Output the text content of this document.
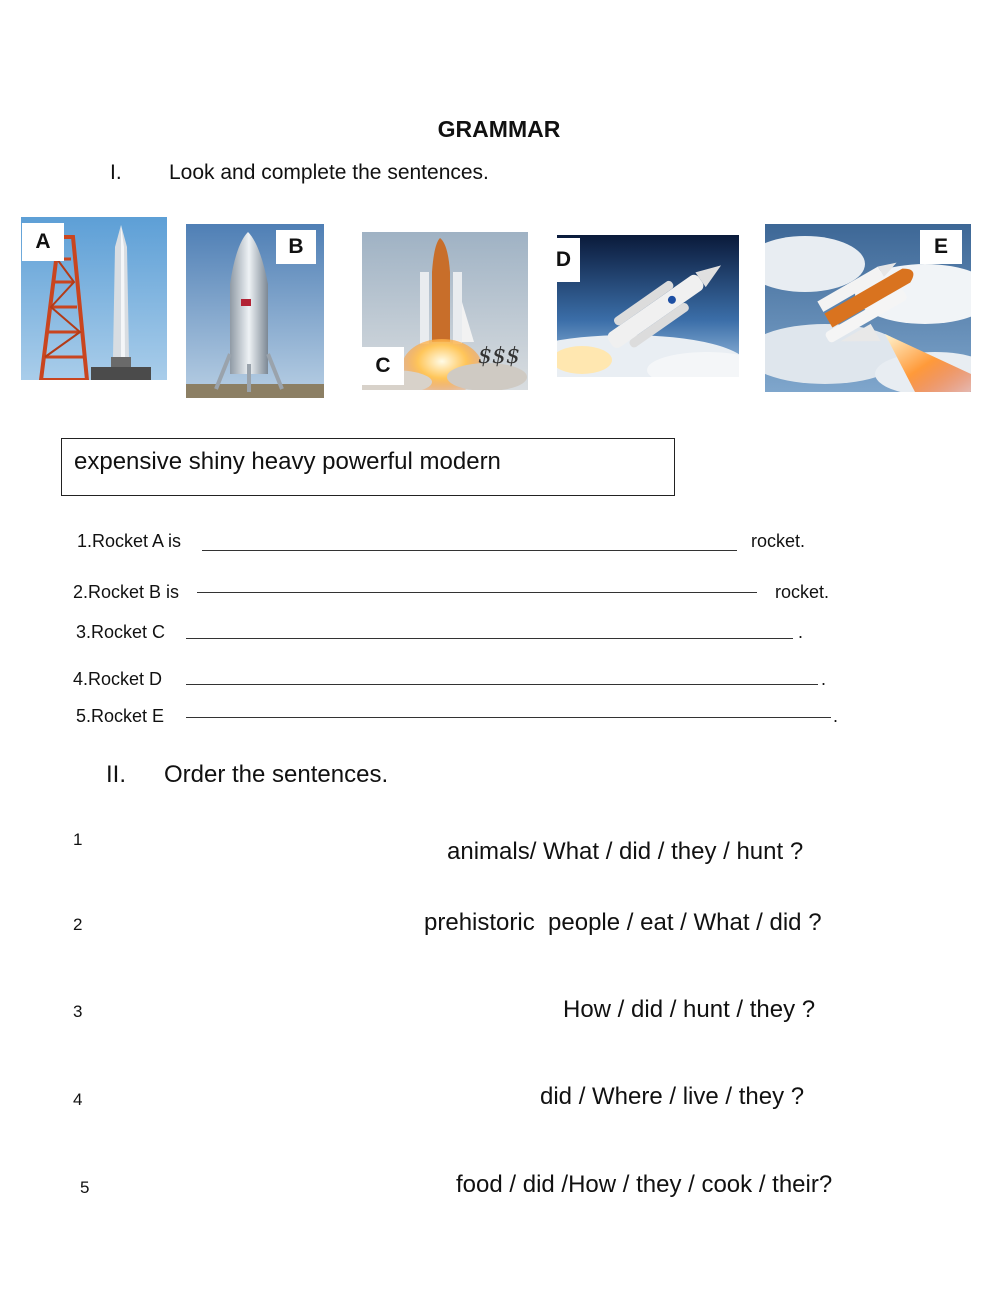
GRAMMAR
I. Look and complete the sentences.
A	B
C	$$$
D
E
expensive shiny heavy powerful modern
1.Rocket A is	rocket.
2.Rocket B is	rocket.
3.Rocket C	.
4.Rocket D	.
5.Rocket E	.
II. Order the sentences.
1	animals/ What / did / they / hunt ?
2	prehistoric  people / eat / What / did ?
3	How / did / hunt / they ?
4	did / Where / live / they ?
5	food / did /How / they / cook / their?
